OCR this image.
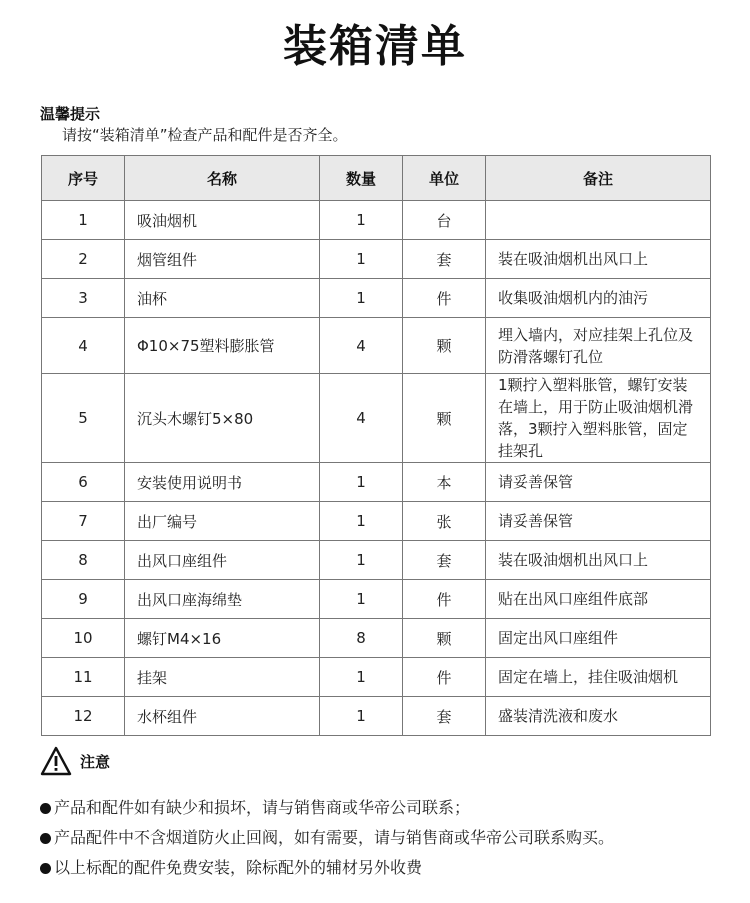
装箱清单
温馨提示
请按“装箱清单”检查产品和配件是否齐全。
序号	名称	数量	单位	备注
1	吸油烟机	1	台	
2	烟管组件	1	套	装在吸油烟机出风口上
3	油杯	1	件	收集吸油烟机内的油污
4	Φ10×75塑料膨胀管	4	颗	埋入墙内，对应挂架上孔位及防滑落螺钉孔位
5	沉头木螺钉5×80	4	颗	1颗拧入塑料胀管，螺钉安装在墙上，用于防止吸油烟机滑落，3颗拧入塑料胀管，固定挂架孔
6	安装使用说明书	1	本	请妥善保管
7	出厂编号	1	张	请妥善保管
8	出风口座组件	1	套	装在吸油烟机出风口上
9	出风口座海绵垫	1	件	贴在出风口座组件底部
10	螺钉M4×16	8	颗	固定出风口座组件
11	挂架	1	件	固定在墙上，挂住吸油烟机
12	水杯组件	1	套	盛装清洗液和废水
注意
产品和配件如有缺少和损坏，请与销售商或华帝公司联系；
产品配件中不含烟道防火止回阀，如有需要，请与销售商或华帝公司联系购买。
以上标配的配件免费安装，除标配外的辅材另外收费
